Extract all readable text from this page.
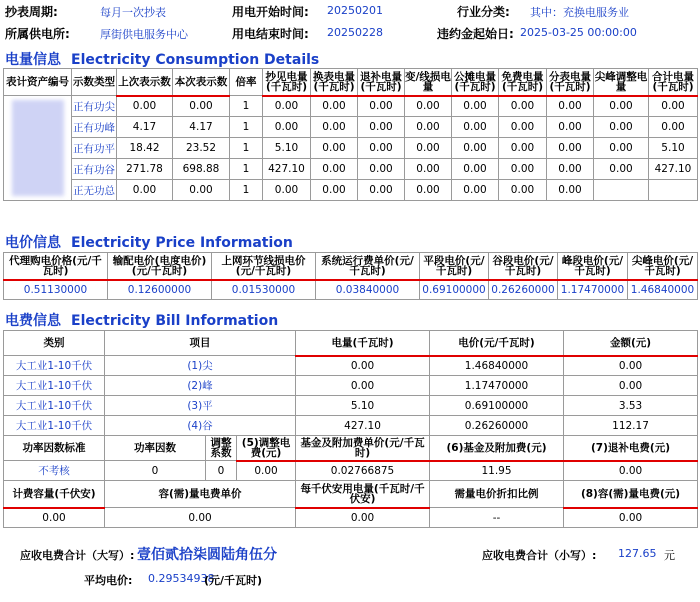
抄表周期:	每月一次抄表	用电开始时间: 20250201	行业分类: 其中：充换电服务业
所属供电所:	厚街供电服务中心	用电结束时间: 20250228	违约金起始日: 2025-03-25 00:00:00
电量信息 Electricity Consumption Details
表计资产编号	示数类型	上次表示数	本次表示数	倍率	抄见电量(千瓦时)	换表电量(千瓦时)	退补电量(千瓦时)	变/线损电量	公摊电量(千瓦时)	免费电量(千瓦时)	分表电量(千瓦时)	尖峰调整电量	合计电量(千瓦时)

	正有功尖	0.00	0.00	1	0.00	0.00	0.00	0.00	0.00	0.00	0.00	0.00	0.00
	正有功峰	4.17	4.17	1	0.00	0.00	0.00	0.00	0.00	0.00	0.00	0.00	0.00
	正有功平	18.42	23.52	1	5.10	0.00	0.00	0.00	0.00	0.00	0.00	0.00	5.10
	正有功谷	271.78	698.88	1	427.10	0.00	0.00	0.00	0.00	0.00	0.00	0.00	427.10
	正无功总	0.00	0.00	1	0.00	0.00	0.00	0.00	0.00	0.00	0.00		
电价信息 Electricity Price Information
代理购电价格(元/千瓦时)	输配电价(电度电价)(元/千瓦时)	上网环节线损电价(元/千瓦时)	系统运行费单价(元/千瓦时)	平段电价(元/千瓦时)	谷段电价(元/千瓦时)	峰段电价(元/千瓦时)	尖峰电价(元/千瓦时)
0.51130000	0.12600000	0.01530000	0.03840000	0.69100000	0.26260000	1.17470000	1.46840000
电费信息 Electricity Bill Information
类别	项目			电量(千瓦时)	电价(元/千瓦时)	金额(元)
大工业1-10千伏	(1)尖			0.00	1.46840000	0.00
大工业1-10千伏	(2)峰			0.00	1.17470000	0.00
大工业1-10千伏	(3)平			5.10	0.69100000	3.53
大工业1-10千伏	(4)谷			427.10	0.26260000	112.17
功率因数标准	功率因数	调整系数	(5)调整电费(元)	基金及附加费单价(元/千瓦时)	(6)基金及附加费(元)	(7)退补电费(元)
不考核	0	0	0.00	0.02766875	11.95	0.00
计费容量(千伏安)	容(需)量电费单价			每千伏安用电量(千瓦时/千伏安)	需量电价折扣比例	(8)容(需)量电费(元)
0.00	0.00			0.00	--	0.00
应收电费合计（大写）: 壹佰贰拾柒圆陆角伍分	应收电费合计（小写）: 127.65 元
平均电价: 0.29534938
(元/千瓦时)
